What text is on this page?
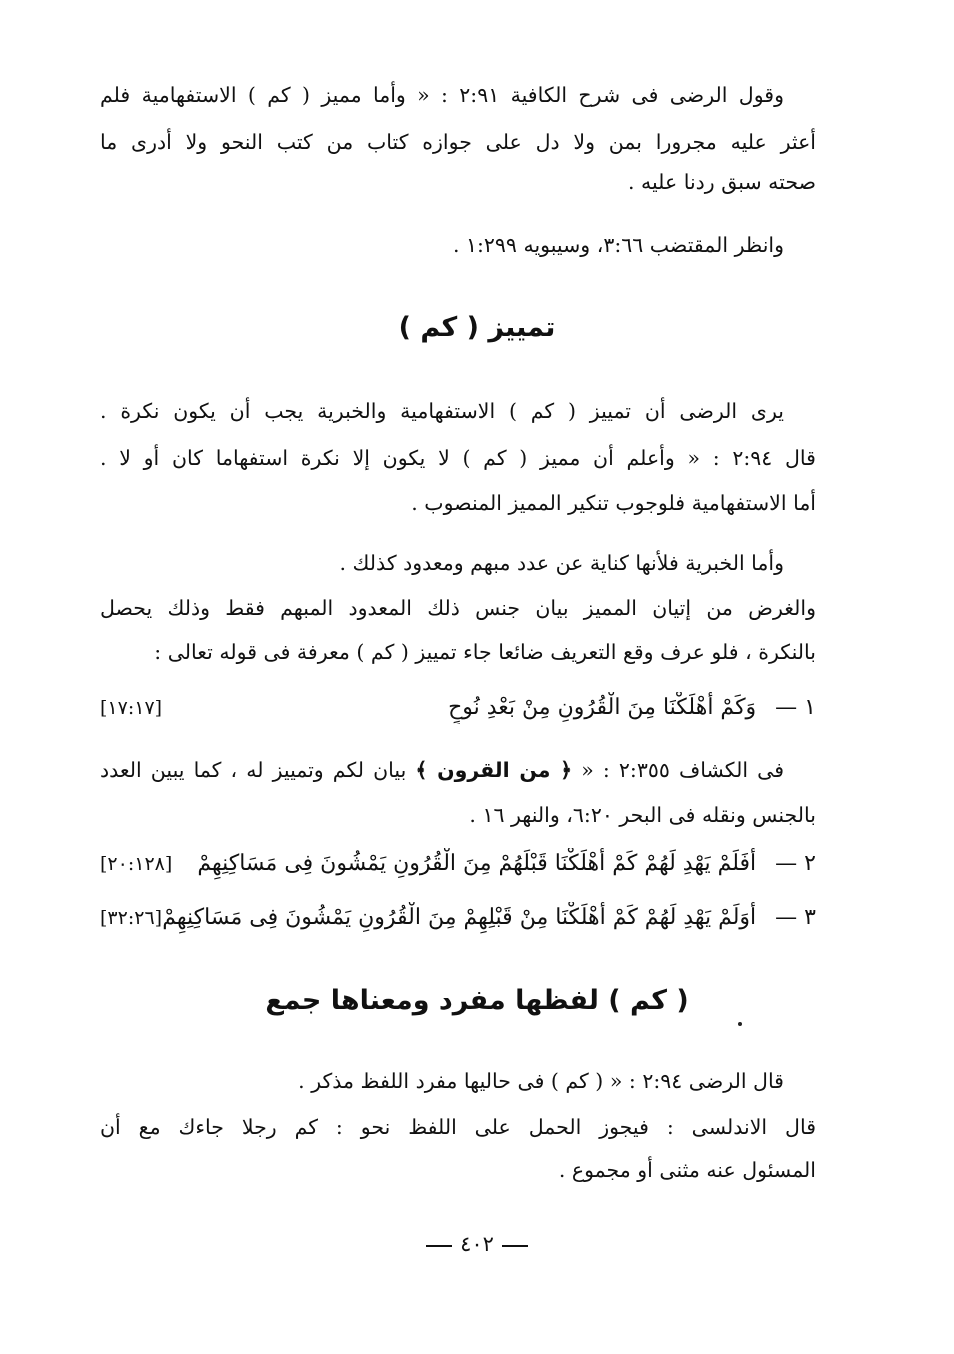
وقول الرضى فى شرح الكافية ٢:٩١ : « وأما مميز ( كم ) الاستفهامية فلم
أعثر عليه مجرورا بمن ولا دل على جوازه كتاب من كتب النحو ولا أدرى ما
صحته سبق ردنا عليه .
وانظر المقتضب ٣:٦٦، وسيبويه ١:٢٩٩ .
تمييز ( كم )
يرى الرضى أن تمييز ( كم ) الاستفهامية والخبرية يجب أن يكون نكرة .
قال ٢:٩٤ : « وأعلم أن مميز ( كم ) لا يكون إلا نكرة استفهاما كان أو لا .
أما الاستفهامية فلوجوب تنكير المميز المنصوب .
وأما الخبرية فلأنها كناية عن عدد مبهم ومعدود كذلك .
والغرض من إتيان المميز بيان جنس ذلك المعدود المبهم فقط وذلك يحصل
بالنكرة ، فلو عرف وقع التعريف ضائعا جاء تمييز ( كم ) معرفة فى قوله تعالى :
١ — وَكَمْ أَهْلَكْنَا مِنَ الْقُرُونِ مِنْ بَعْدِ نُوحٍ
[١٧:١٧]
فى الكشاف ٢:٣٥٥ : « ﴿ من القرون ﴾ بيان لكم وتمييز له ، كما يبين العدد
بالجنس ونقله فى البحر ٦:٢٠، والنهر ١٦ .
٢ — أَفَلَمْ يَهْدِ لَهُمْ كَمْ أَهْلَكْنَا قَبْلَهُمْ مِنَ الْقُرُونِ يَمْشُونَ فِى مَسَاكِنِهِمْ
[٢٠:١٢٨]
٣ — أَوَلَمْ يَهْدِ لَهُمْ كَمْ أَهْلَكْنَا مِنْ قَبْلِهِمْ مِنَ الْقُرُونِ يَمْشُونَ فِى مَسَاكِنِهِمْ
[٣٢:٢٦]
( كم ) لفظها مفرد ومعناها جمع
قال الرضى ٢:٩٤ : « ( كم ) فى حاليها مفرد اللفظ مذكر .
قال الاندلسى : فيجوز الحمل على اللفظ نحو : كم رجلا جاءك مع أن
المسئول عنه مثنى أو مجموع .
٤٠٢
